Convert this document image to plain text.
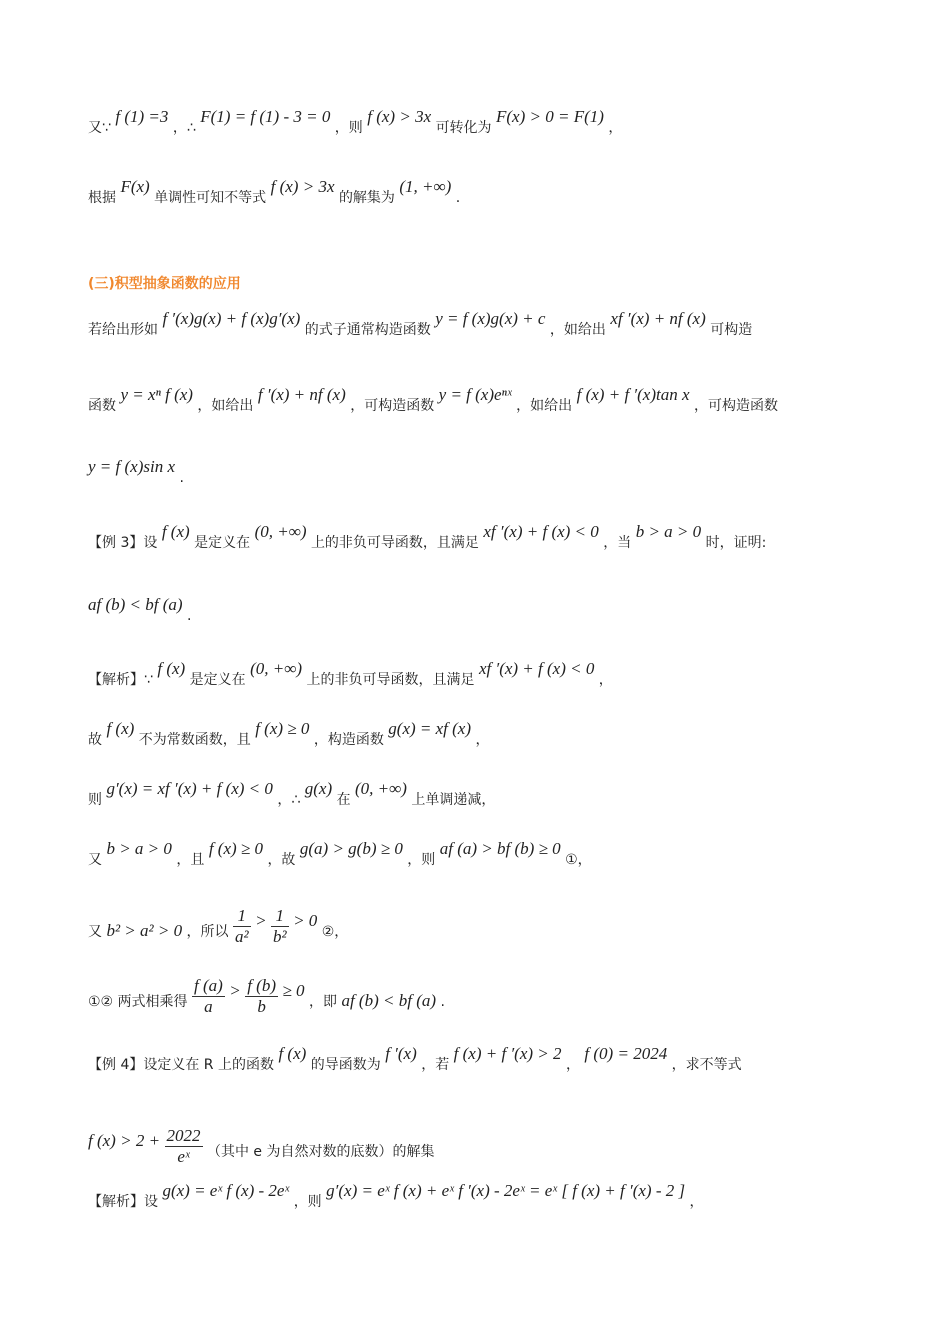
又∵ f (1) =3 ，∴ F(1) = f (1) - 3 = 0 ，则 f (x) > 3x 可转化为 F(x) > 0 = F(1) ，
根据 F(x) 单调性可知不等式 f (x) > 3x 的解集为 (1, +∞) .
(三)积型抽象函数的应用
若给出形如 f ′(x)g(x) + f (x)g′(x) 的式子通常构造函数 y = f (x)g(x) + c ，如给出 xf ′(x) + nf (x) 可构造
函数 y = xⁿ f (x) ，如给出 f ′(x) + nf (x) ，可构造函数 y = f (x)eⁿˣ ，如给出 f (x) + f ′(x)tan x ，可构造函数
y = f (x)sin x .
【例 3】设 f (x) 是定义在 (0, +∞) 上的非负可导函数，且满足 xf ′(x) + f (x) < 0 ，当 b > a > 0 时，证明:
af (b) < bf (a) .
【解析】∵ f (x) 是定义在 (0, +∞) 上的非负可导函数，且满足 xf ′(x) + f (x) < 0 ，
故 f (x) 不为常数函数，且 f (x) ≥ 0 ，构造函数 g(x) = xf (x) ，
则 g′(x) = xf ′(x) + f (x) < 0 ，∴ g(x) 在 (0, +∞) 上单调递减，
又 b > a > 0 ，且 f (x) ≥ 0 ，故 g(a) > g(b) ≥ 0 ，则 af (a) > bf (b) ≥ 0 ①，
又 b² > a² > 0 ，所以 $\frac{1}{\text{a²}} > \frac{1}{\text{b²}} > 0$ ②，
①② 两式相乘得 $\frac{f (a)}{a} > \frac{f (b)}{b} \ge 0$ ，即 af (b) < bf (a) .
【例 4】设定义在 R 上的函数 f (x) 的导函数为 f ′(x) ，若 f (x) + f ′(x) > 2 ， f (0) = 2024 ，求不等式
f $(x) > 2 + \frac{2022}{\text{eˣ}}$ （其中 e 为自然对数的底数）的解集
【解析】设 g(x) = eˣ f (x) - 2eˣ ，则 g′(x) = eˣ f (x) + eˣ f ′(x) - 2eˣ = eˣ [ f (x) + f ′(x) - 2 ] ，
